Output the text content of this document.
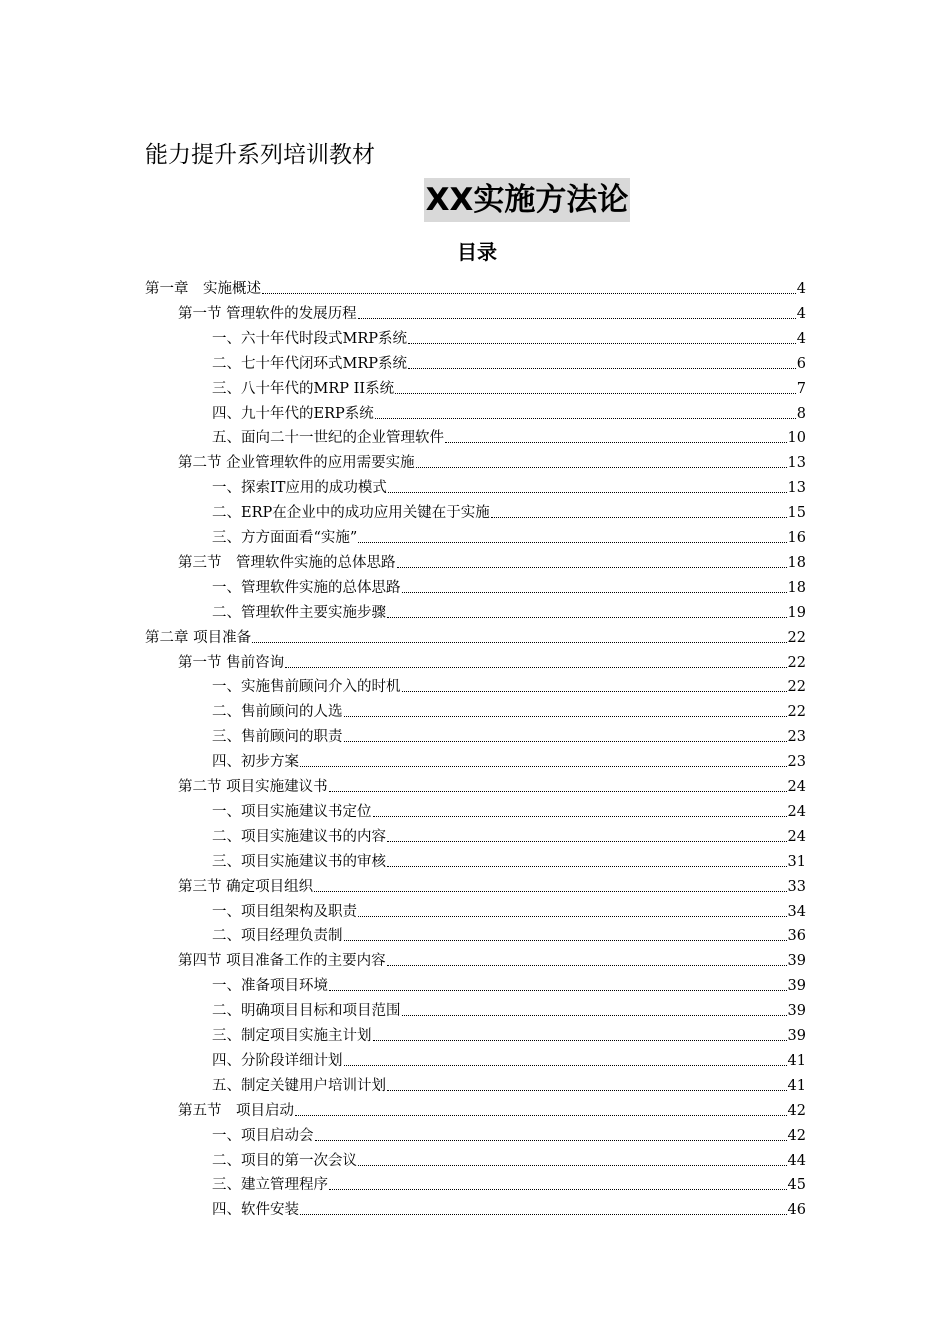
能力提升系列培训教材
XX实施方法论
目录
第一章　实施概述	4
第一节 管理软件的发展历程	4
一、六十年代时段式MRP系统	4
二、七十年代闭环式MRP系统	6
三、八十年代的MRP II系统	7
四、九十年代的ERP系统	8
五、面向二十一世纪的企业管理软件	10
第二节 企业管理软件的应用需要实施	13
一、探索IT应用的成功模式	13
二、ERP在企业中的成功应用关键在于实施	15
三、方方面面看“实施”	16
第三节　管理软件实施的总体思路	18
一、管理软件实施的总体思路	18
二、管理软件主要实施步骤	19
第二章 项目准备	22
第一节 售前咨询	22
一、实施售前顾问介入的时机	22
二、售前顾问的人选	22
三、售前顾问的职责	23
四、初步方案	23
第二节 项目实施建议书	24
一、项目实施建议书定位	24
二、项目实施建议书的内容	24
三、项目实施建议书的审核	31
第三节 确定项目组织	33
一、项目组架构及职责	34
二、项目经理负责制	36
第四节 项目准备工作的主要内容	39
一、准备项目环境	39
二、明确项目目标和项目范围	39
三、制定项目实施主计划	39
四、分阶段详细计划	41
五、制定关键用户培训计划	41
第五节　项目启动	42
一、项目启动会	42
二、项目的第一次会议	44
三、建立管理程序	45
四、软件安装	46
